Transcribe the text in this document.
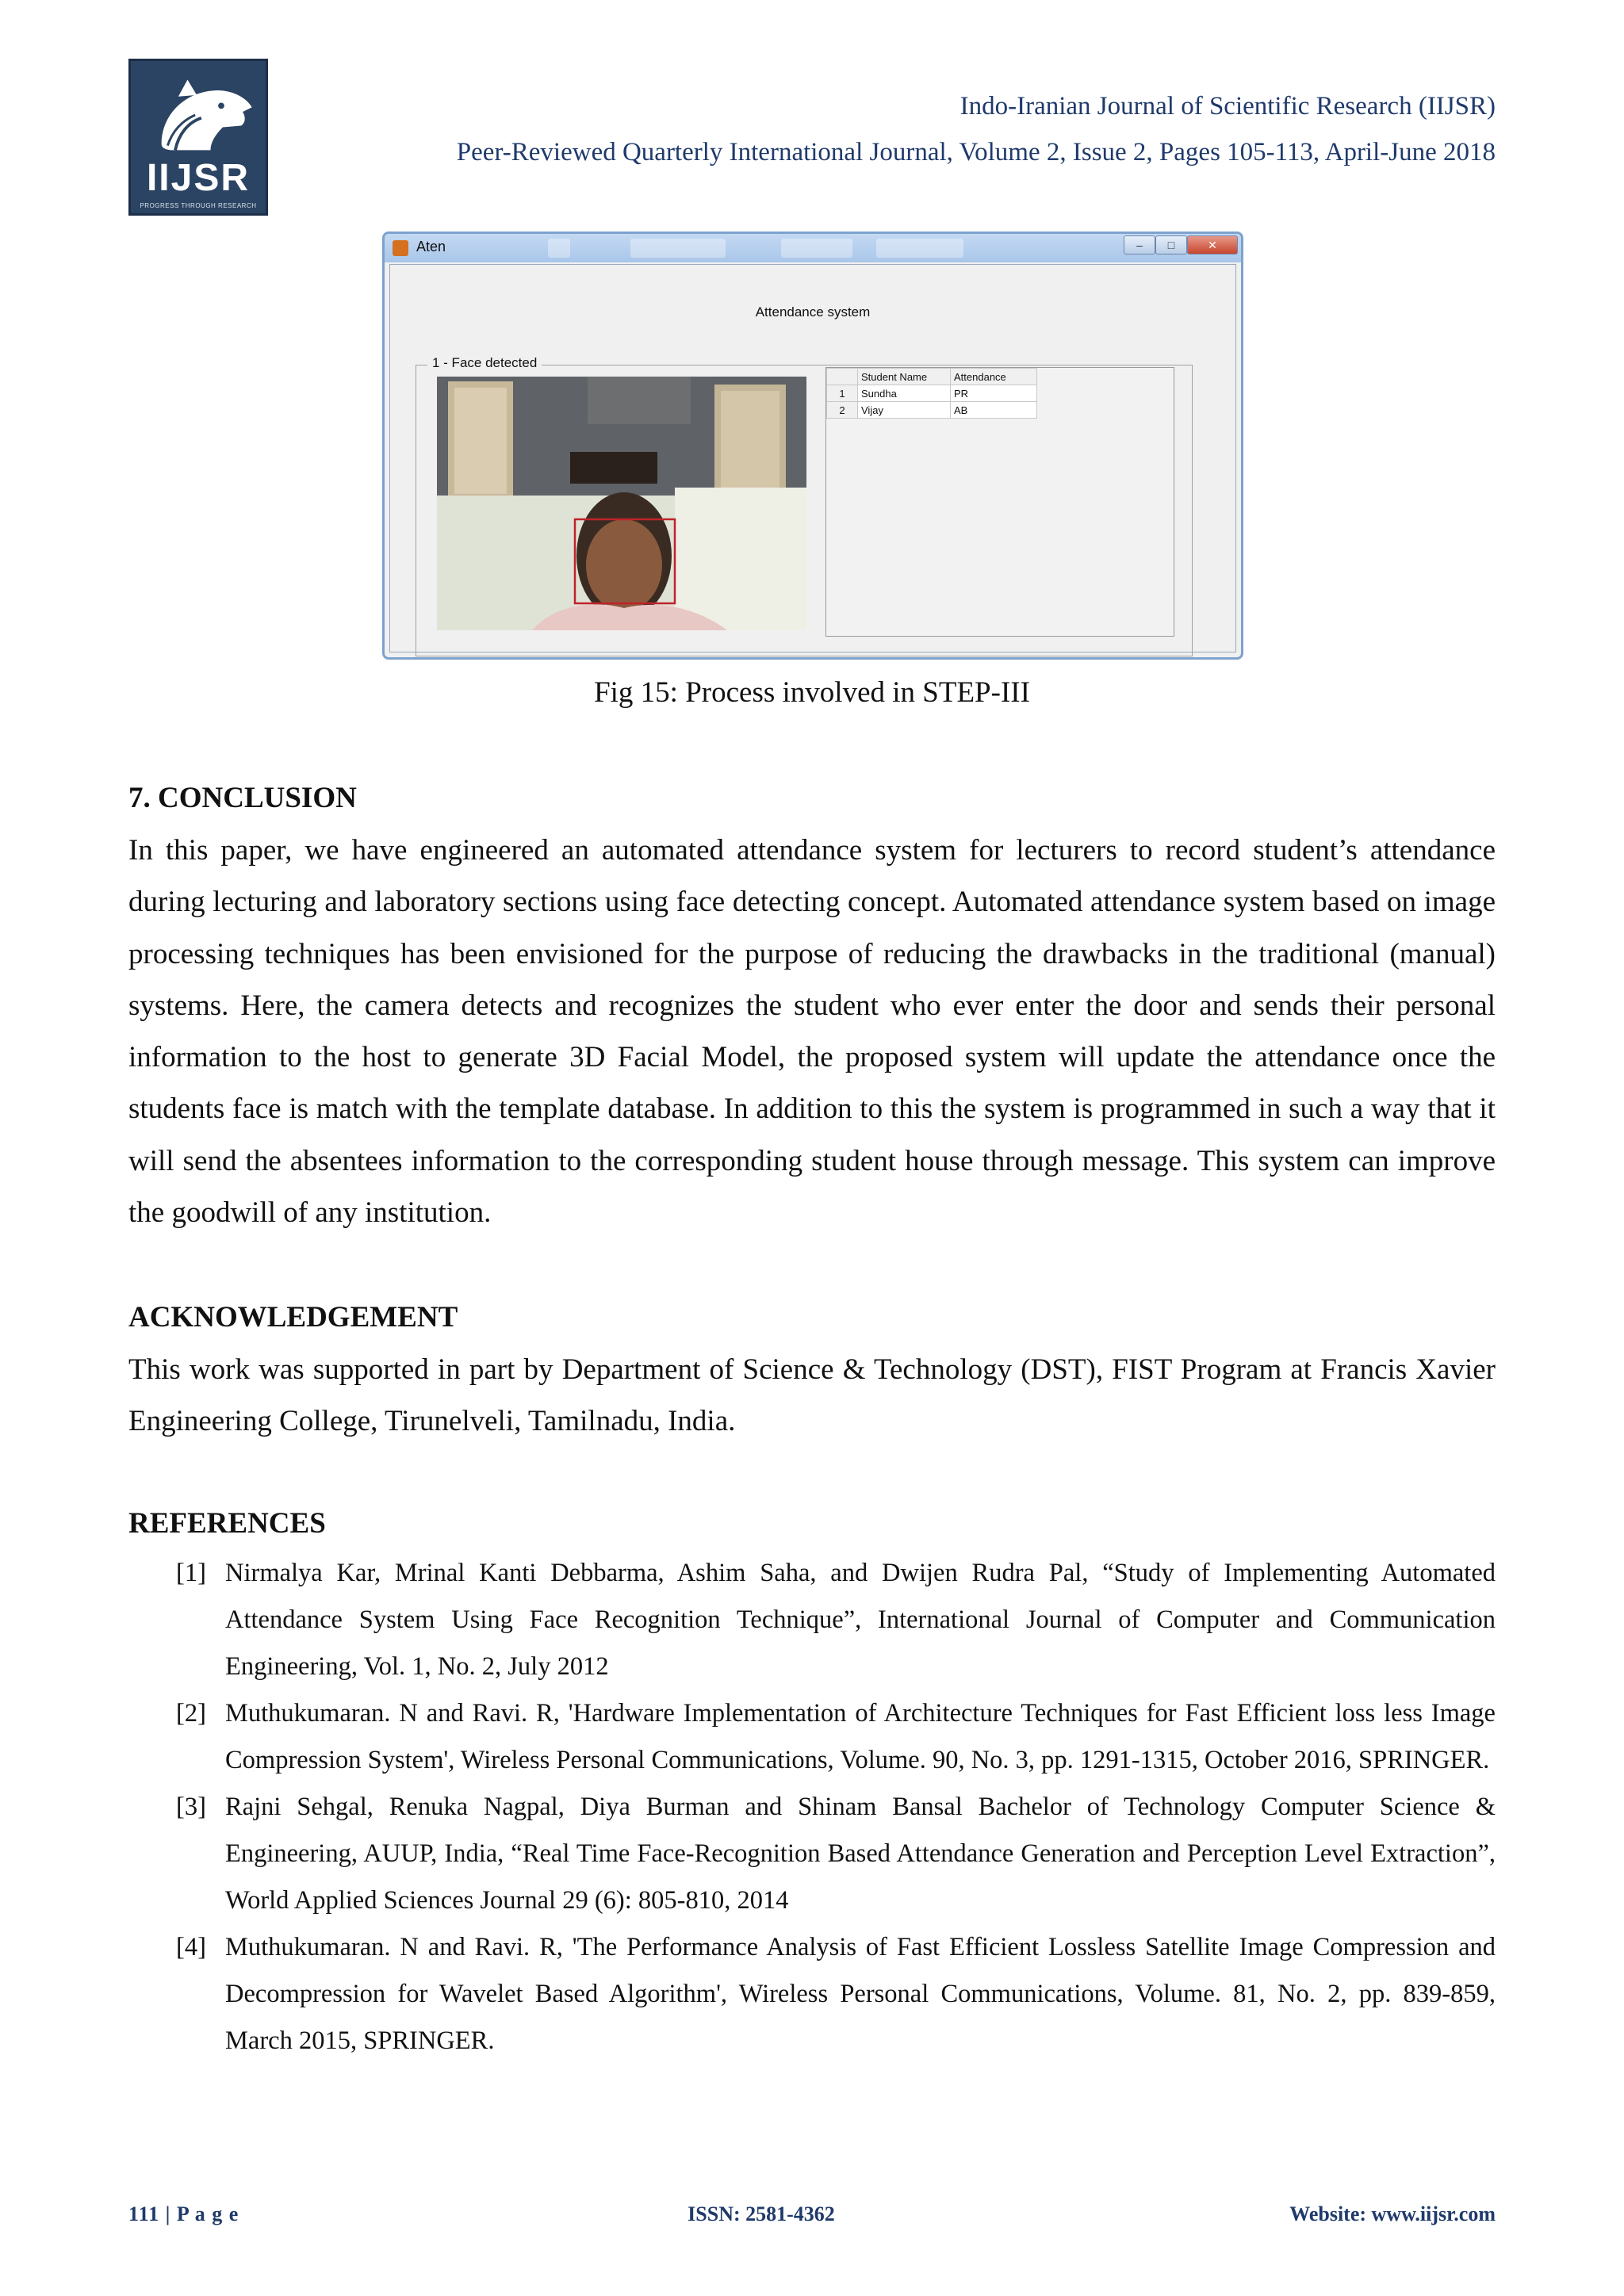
IIJSR
PROGRESS THROUGH RESEARCH
Indo-Iranian Journal of Scientific Research (IIJSR)
Peer-Reviewed Quarterly International Journal, Volume 2, Issue 2, Pages 105-113, April-June 2018
Aten	–	□	✕
Attendance system
1 - Face detected
	Student Name	Attendance
1	Sundha	PR
2	Vijay	AB
Fig 15: Process involved in STEP-III
7. CONCLUSION

In this paper, we have engineered an automated attendance system for lecturers to record student’s attendance during lecturing and laboratory sections using face detecting concept. Automated attendance system based on image processing techniques has been envisioned for the purpose of reducing the drawbacks in the traditional (manual) systems. Here, the camera detects and recognizes the student who ever enter the door and sends their personal information to the host to generate 3D Facial Model, the proposed system will update the attendance once the students face is match with the template database. In addition to this the system is programmed in such a way that it will send the absentees information to the corresponding student house through message. This system can improve the goodwill of any institution.

ACKNOWLEDGEMENT

This work was supported in part by Department of Science & Technology (DST), FIST Program at Francis Xavier Engineering College, Tirunelveli, Tamilnadu, India.

REFERENCES
[1] Nirmalya Kar, Mrinal Kanti Debbarma, Ashim Saha, and Dwijen Rudra Pal, “Study of Implementing Automated Attendance System Using Face Recognition Technique”, International Journal of Computer and Communication Engineering, Vol. 1, No. 2, July 2012
[2] Muthukumaran. N and Ravi. R, 'Hardware Implementation of Architecture Techniques for Fast Efficient loss less Image Compression System', Wireless Personal Communications, Volume. 90, No. 3, pp. 1291-1315, October 2016, SPRINGER.
[3] Rajni Sehgal, Renuka Nagpal, Diya Burman and Shinam Bansal Bachelor of Technology Computer Science & Engineering, AUUP, India, “Real Time Face-Recognition Based Attendance Generation and Perception Level Extraction”, World Applied Sciences Journal 29 (6): 805-810, 2014
[4] Muthukumaran. N and Ravi. R, 'The Performance Analysis of Fast Efficient Lossless Satellite Image Compression and Decompression for Wavelet Based Algorithm', Wireless Personal Communications, Volume. 81, No. 2, pp. 839-859, March 2015, SPRINGER.
111 | P a g e	ISSN: 2581-4362	Website: www.iijsr.com
